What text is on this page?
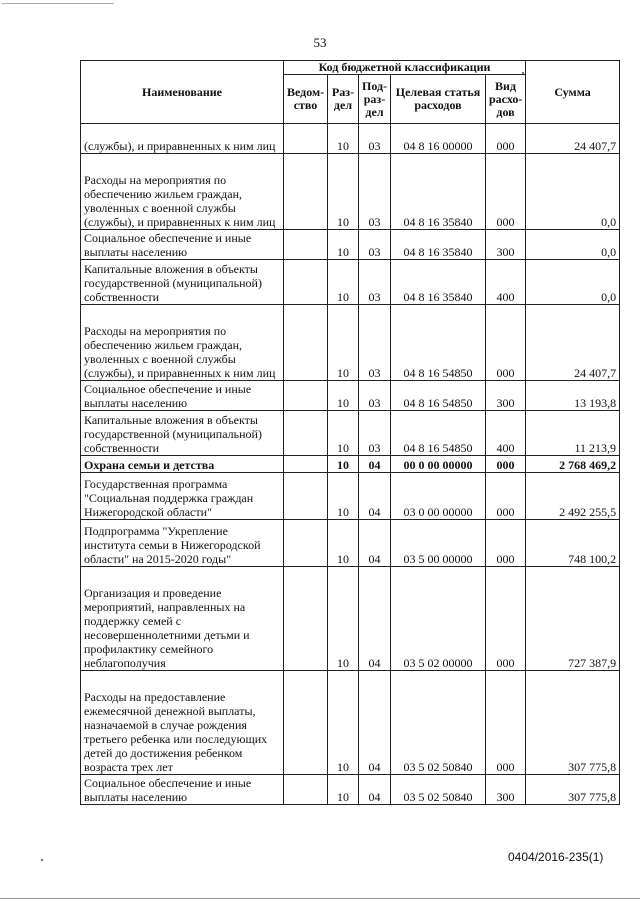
53
Наименование	Код бюджетной классификации					Сумма
	Ведом-ство	Раз-дел	Под-раз-дел	Целевая статья расходов	Вид расхо-дов	
(службы), и приравненных к ним лиц		10	03	04 8 16 00000	000	24 407,7
Расходы на мероприятия по обеспечению жильем граждан, уволенных с военной службы (службы), и приравненных к ним лиц		10	03	04 8 16 35840	000	0,0
Социальное обеспечение и иные выплаты населению		10	03	04 8 16 35840	300	0,0
Капитальные вложения в объекты государственной (муниципальной) собственности		10	03	04 8 16 35840	400	0,0
Расходы на мероприятия по обеспечению жильем граждан, уволенных с военной службы (службы), и приравненных к ним лиц		10	03	04 8 16 54850	000	24 407,7
Социальное обеспечение и иные выплаты населению		10	03	04 8 16 54850	300	13 193,8
Капитальные вложения в объекты государственной (муниципальной) собственности		10	03	04 8 16 54850	400	11 213,9
Охрана семьи и детства		10	04	00 0 00 00000	000	2 768 469,2
Государственная программа "Социальная поддержка граждан Нижегородской области"		10	04	03 0 00 00000	000	2 492 255,5
Подпрограмма "Укрепление института семьи в Нижегородской области" на 2015-2020 годы"		10	04	03 5 00 00000	000	748 100,2
Организация и проведение мероприятий, направленных на поддержку семей с несовершеннолетними детьми и профилактику семейного неблагополучия		10	04	03 5 02 00000	000	727 387,9
Расходы на предоставление ежемесячной денежной выплаты, назначаемой в случае рождения третьего ребенка или последующих детей до достижения ребенком возраста трех лет		10	04	03 5 02 50840	000	307 775,8
Социальное обеспечение и иные выплаты населению		10	04	03 5 02 50840	300	307 775,8
0404/2016-235(1)
